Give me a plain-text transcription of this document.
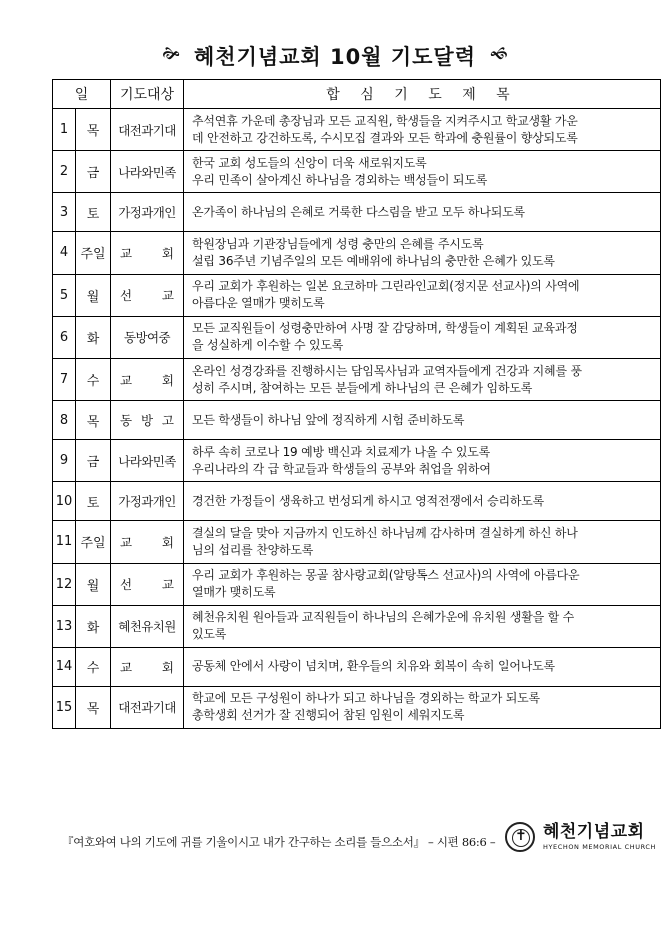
🙞 혜천기념교회 10월 기도달력 🙜
일		기도대상	합 심 기 도 제 목
1	목	대전과기대	추석연휴 가운데 총장님과 모든 교직원, 학생들을 지켜주시고 학교생활 가운
데 안전하고 강건하도록, 수시모집 결과와 모든 학과에 충원률이 향상되도록

2	금	나라와민족	한국 교회 성도들의 신앙이 더욱 새로워지도록
우리 민족이 살아계신 하나님을 경외하는 백성들이 되도록

3	토	가정과개인	온가족이 하나님의 은혜로 거룩한 다스림을 받고 모두 하나되도록

4	주일	교 회	학원장님과 기관장님들에게 성령 충만의 은혜를 주시도록
설립 36주년 기념주일의 모든 예배위에 하나님의 충만한 은혜가 있도록

5	월	선 교	우리 교회가 후원하는 일본 요코하마 그린라인교회(정지문 선교사)의 사역에
아름다운 열매가 맺히도록

6	화	동방여중	모든 교직원들이 성령충만하여 사명 잘 감당하며, 학생들이 계획된 교육과정
을 성실하게 이수할 수 있도록

7	수	교 회	온라인 성경강좌를 진행하시는 담임목사님과 교역자들에게 건강과 지혜를 풍
성히 주시며, 참여하는 모든 분들에게 하나님의 큰 은혜가 임하도록

8	목	동 방 고	모든 학생들이 하나님 앞에 정직하게 시험 준비하도록

9	금	나라와민족	하루 속히 코로나 19 예방 백신과 치료제가 나올 수 있도록
우리나라의 각 급 학교들과 학생들의 공부와 취업을 위하여

10	토	가정과개인	경건한 가정들이 생육하고 번성되게 하시고 영적전쟁에서 승리하도록

11	주일	교 회	결실의 달을 맞아 지금까지 인도하신 하나님께 감사하며 결실하게 하신 하나
님의 섭리를 찬양하도록

12	월	선 교	우리 교회가 후원하는 몽골 참사랑교회(알탕톡스 선교사)의 사역에 아름다운
열매가 맺히도록

13	화	혜천유치원	혜천유치원 원아들과 교직원들이 하나님의 은혜가운에 유치원 생활을 할 수
있도록

14	수	교 회	공동체 안에서 사랑이 넘치며, 환우들의 치유와 회복이 속히 일어나도록

15	목	대전과기대	학교에 모든 구성원이 하나가 되고 하나님을 경외하는 학교가 되도록
총학생회 선거가 잘 진행되어 참된 임원이 세워지도록
『여호와여 나의 기도에 귀를 기울이시고 내가 간구하는 소리를 들으소서』 – 시편 86:6 –
✝
혜천기념교회
HYECHON MEMORIAL CHURCH
